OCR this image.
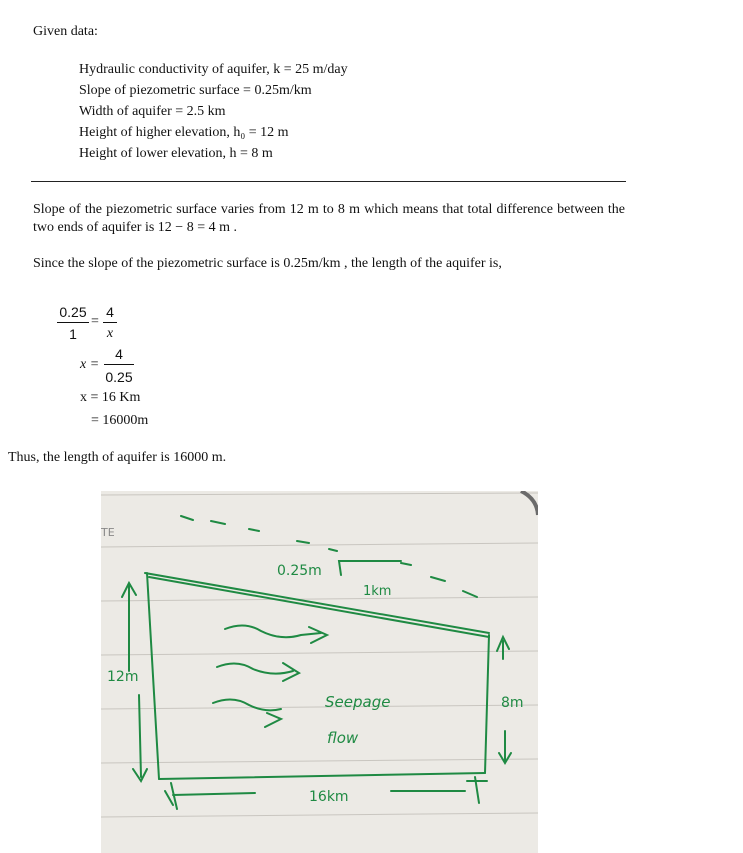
Given data:
Hydraulic conductivity of aquifer, k = 25 m/day
Slope of piezometric surface = 0.25m/km
Width of aquifer = 2.5 km
Height of higher elevation, h₀ = 12 m
Height of lower elevation, h = 8 m
Slope of the piezometric surface varies from 12 m to 8 m which means that total difference between the two ends of aquifer is 12 − 8 = 4 m .
Since the slope of the piezometric surface is 0.25m/km , the length of the aquifer is,
0.25
1
=
4
x
x =
4
0.25
x = 16 Km
= 16000m
Thus, the length of aquifer is 16000 m.
TE
0.25m
1km
12m
8m
Seepage
flow
16km
